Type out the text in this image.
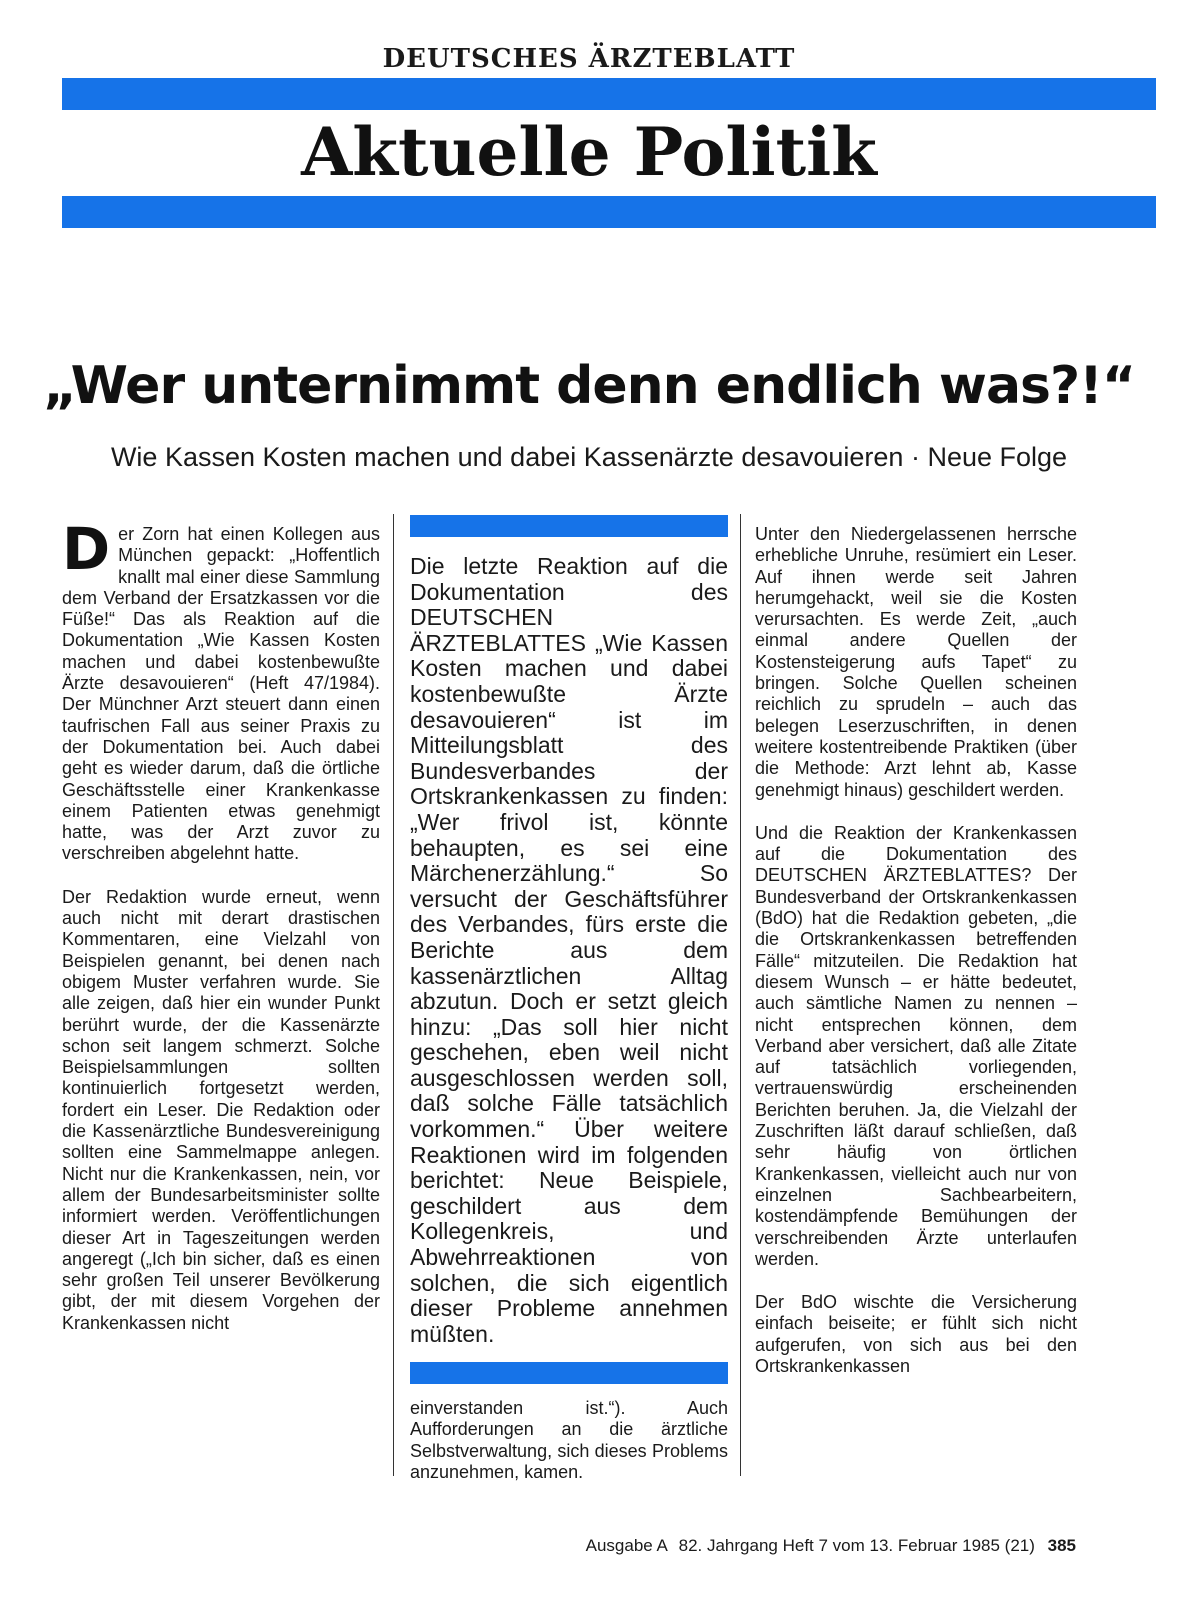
DEUTSCHES ÄRZTEBLATT
Aktuelle Politik
„Wer unternimmt denn endlich was?!“
Wie Kassen Kosten machen und dabei Kassenärzte desavouieren · Neue Folge

Der Zorn hat einen Kollegen aus München gepackt: „Hoffentlich knallt mal einer diese Sammlung dem Verband der Ersatzkassen vor die Füße!“ Das als Reaktion auf die Dokumentation „Wie Kassen Kosten machen und dabei kostenbewußte Ärzte desavouieren“ (Heft 47/1984). Der Münchner Arzt steuert dann einen taufrischen Fall aus seiner Praxis zu der Dokumentation bei. Auch dabei geht es wieder darum, daß die örtliche Geschäftsstelle einer Krankenkasse einem Patienten etwas genehmigt hatte, was der Arzt zuvor zu verschreiben abgelehnt hatte.

Der Redaktion wurde erneut, wenn auch nicht mit derart drastischen Kommentaren, eine Vielzahl von Beispielen genannt, bei denen nach obigem Muster verfahren wurde. Sie alle zeigen, daß hier ein wunder Punkt berührt wurde, der die Kassenärzte schon seit langem schmerzt. Solche Beispielsammlungen sollten kontinuierlich fortgesetzt werden, fordert ein Leser. Die Redaktion oder die Kassenärztliche Bundesvereinigung sollten eine Sammelmappe anlegen. Nicht nur die Krankenkassen, nein, vor allem der Bundesarbeitsminister sollte informiert werden. Veröffentlichungen dieser Art in Tageszeitungen werden angeregt („Ich bin sicher, daß es einen sehr großen Teil unserer Bevölkerung gibt, der mit diesem Vorgehen der Krankenkassen nicht

Die letzte Reaktion auf die Dokumentation des DEUTSCHEN ÄRZTEBLATTES „Wie Kassen Kosten machen und dabei kostenbewußte Ärzte desavouieren“ ist im Mitteilungsblatt des Bundesverbandes der Ortskrankenkassen zu finden: „Wer frivol ist, könnte behaupten, es sei eine Märchenerzählung.“ So versucht der Geschäftsführer des Verbandes, fürs erste die Berichte aus dem kassenärztlichen Alltag abzutun. Doch er setzt gleich hinzu: „Das soll hier nicht geschehen, eben weil nicht ausgeschlossen werden soll, daß solche Fälle tatsächlich vorkommen.“ Über weitere Reaktionen wird im folgenden berichtet: Neue Beispiele, geschildert aus dem Kollegenkreis, und Abwehrreaktionen von solchen, die sich eigentlich dieser Probleme annehmen müßten.
einverstanden ist.“). Auch Aufforderungen an die ärztliche Selbstverwaltung, sich dieses Problems anzunehmen, kamen.

Unter den Niedergelassenen herrsche erhebliche Unruhe, resümiert ein Leser. Auf ihnen werde seit Jahren herumgehackt, weil sie die Kosten verursachten. Es werde Zeit, „auch einmal andere Quellen der Kostensteigerung aufs Tapet“ zu bringen. Solche Quellen scheinen reichlich zu sprudeln – auch das belegen Leserzuschriften, in denen weitere kostentreibende Praktiken (über die Methode: Arzt lehnt ab, Kasse genehmigt hinaus) geschildert werden.

Und die Reaktion der Krankenkassen auf die Dokumentation des DEUTSCHEN ÄRZTEBLATTES? Der Bundesverband der Ortskrankenkassen (BdO) hat die Redaktion gebeten, „die die Ortskrankenkassen betreffenden Fälle“ mitzuteilen. Die Redaktion hat diesem Wunsch – er hätte bedeutet, auch sämtliche Namen zu nennen – nicht entsprechen können, dem Verband aber versichert, daß alle Zitate auf tatsächlich vorliegenden, vertrauenswürdig erscheinenden Berichten beruhen. Ja, die Vielzahl der Zuschriften läßt darauf schließen, daß sehr häufig von örtlichen Krankenkassen, vielleicht auch nur von einzelnen Sachbearbeitern, kostendämpfende Bemühungen der verschreibenden Ärzte unterlaufen werden.

Der BdO wischte die Versicherung einfach beiseite; er fühlt sich nicht aufgerufen, von sich aus bei den Ortskrankenkassen

Ausgabe A 82. Jahrgang Heft 7 vom 13. Februar 1985 (21) 385
